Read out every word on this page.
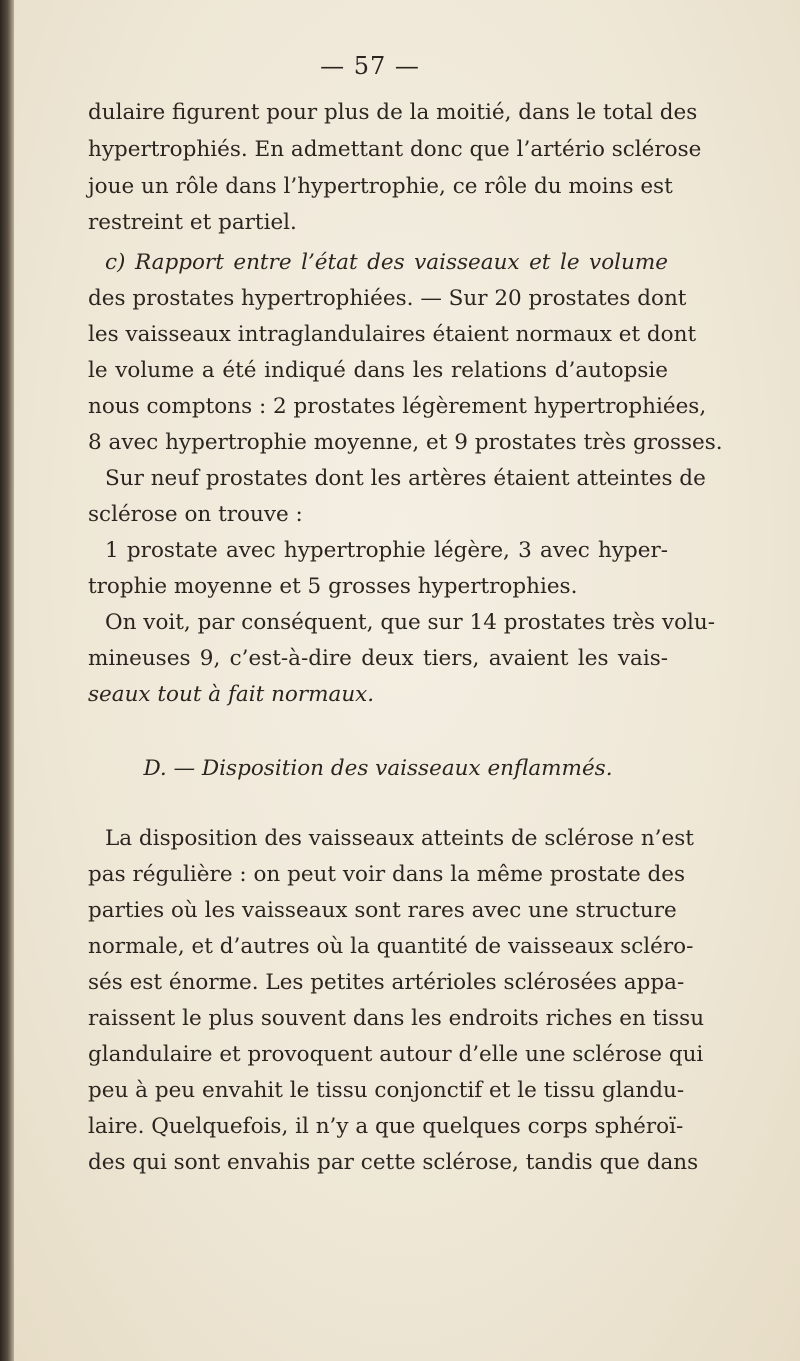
— 57 —
dulaire figurent pour plus de la moitié, dans le total des
hypertrophiés. En admettant donc que l’artério sclérose
joue un rôle dans l’hypertrophie, ce rôle du moins est
restreint et partiel.
c) Rapport entre l’état des vaisseaux et le volume
des prostates hypertrophiées. — Sur 20 prostates dont
les vaisseaux intraglandulaires étaient normaux et dont
le volume a été indiqué dans les relations d’autopsie
nous comptons : 2 prostates légèrement hypertrophiées,
8 avec hypertrophie moyenne, et 9 prostates très grosses.
Sur neuf prostates dont les artères étaient atteintes de
sclérose on trouve :
1 prostate avec hypertrophie légère, 3 avec hyper-
trophie moyenne et 5 grosses hypertrophies.
On voit, par conséquent, que sur 14 prostates très volu-
mineuses 9, c’est-à-dire deux tiers, avaient les vais-
seaux tout à fait normaux.
D. — Disposition des vaisseaux enflammés.
La disposition des vaisseaux atteints de sclérose n’est
pas régulière : on peut voir dans la même prostate des
parties où les vaisseaux sont rares avec une structure
normale, et d’autres où la quantité de vaisseaux scléro-
sés est énorme. Les petites artérioles sclérosées appa-
raissent le plus souvent dans les endroits riches en tissu
glandulaire et provoquent autour d’elle une sclérose qui
peu à peu envahit le tissu conjonctif et le tissu glandu-
laire. Quelquefois, il n’y a que quelques corps sphéroï-
des qui sont envahis par cette sclérose, tandis que dans
